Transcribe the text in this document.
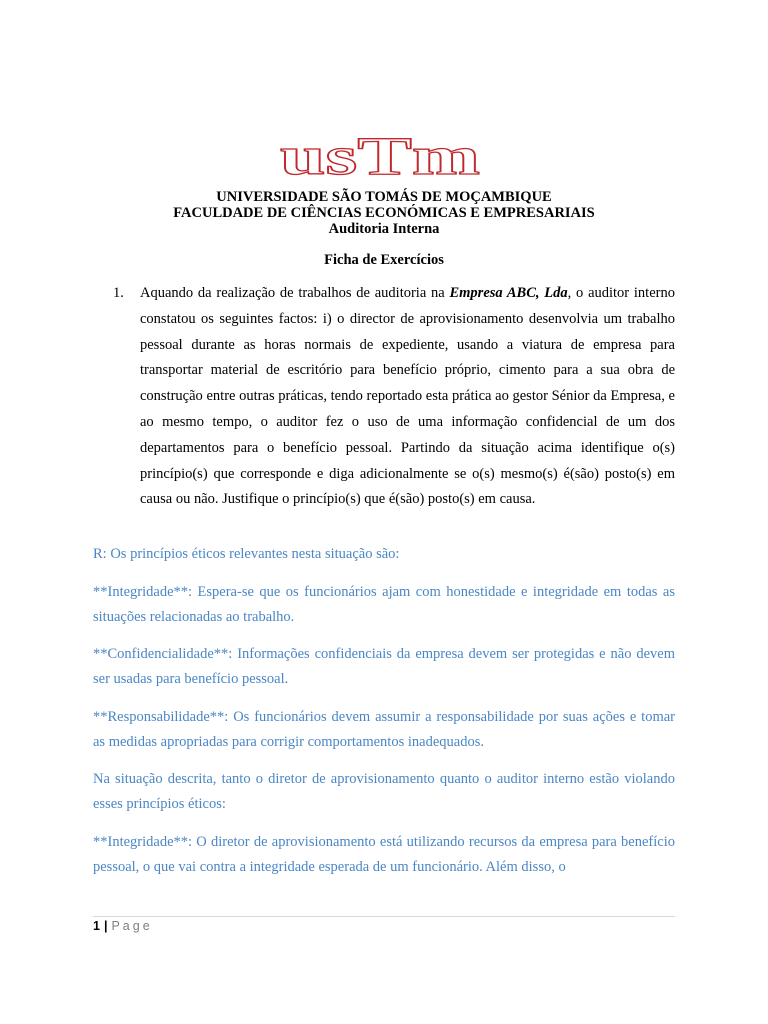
usTm
UNIVERSIDADE SÃO TOMÁS DE MOÇAMBIQUE
FACULDADE DE CIÊNCIAS ECONÓMICAS E EMPRESARIAIS
Auditoria Interna
Ficha de Exercícios
1. Aquando da realização de trabalhos de auditoria na Empresa ABC, Lda, o auditor interno constatou os seguintes factos: i) o director de aprovisionamento desenvolvia um trabalho pessoal durante as horas normais de expediente, usando a viatura de empresa para transportar material de escritório para benefício próprio, cimento para a sua obra de construção entre outras práticas, tendo reportado esta prática ao gestor Sénior da Empresa, e ao mesmo tempo, o auditor fez o uso de uma informação confidencial de um dos departamentos para o benefício pessoal. Partindo da situação acima identifique o(s) princípio(s) que corresponde e diga adicionalmente se o(s) mesmo(s) é(são) posto(s) em causa ou não. Justifique o princípio(s) que é(são) posto(s) em causa.

R: Os princípios éticos relevantes nesta situação são:

**Integridade**: Espera-se que os funcionários ajam com honestidade e integridade em todas as situações relacionadas ao trabalho.

**Confidencialidade**: Informações confidenciais da empresa devem ser protegidas e não devem ser usadas para benefício pessoal.

**Responsabilidade**: Os funcionários devem assumir a responsabilidade por suas ações e tomar as medidas apropriadas para corrigir comportamentos inadequados.

Na situação descrita, tanto o diretor de aprovisionamento quanto o auditor interno estão violando esses princípios éticos:

**Integridade**: O diretor de aprovisionamento está utilizando recursos da empresa para benefício pessoal, o que vai contra a integridade esperada de um funcionário. Além disso, o

1 | Page
